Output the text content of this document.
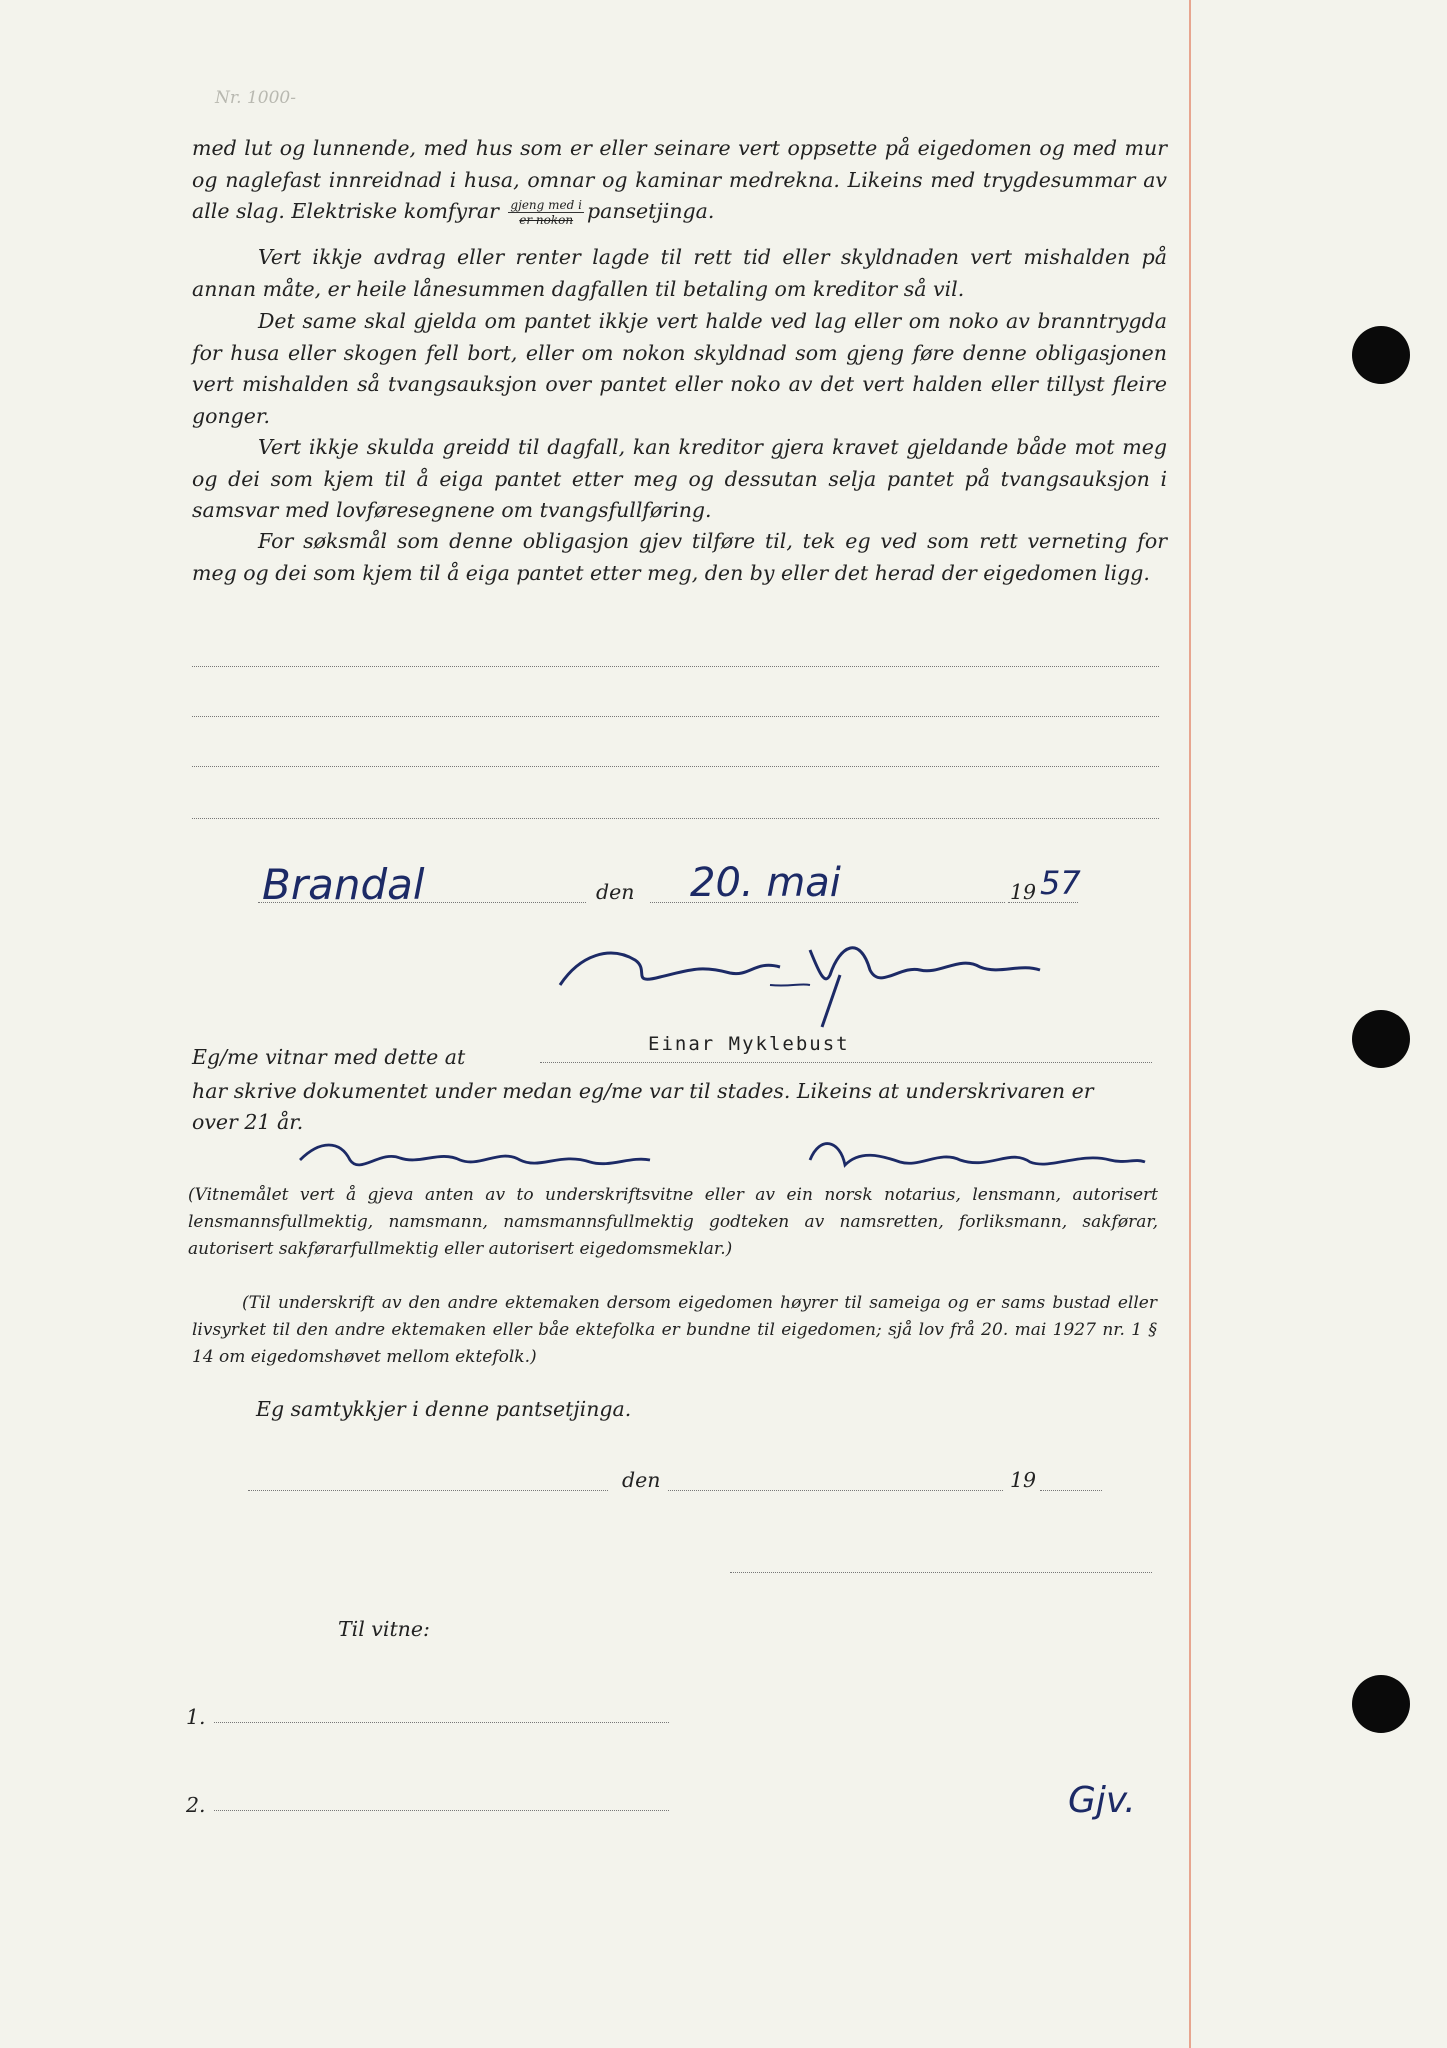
Nr. 1000-
med lut og lunnende, med hus som er eller seinare vert oppsette på eigedomen og med mur og naglefast innreidnad i husa, omnar og kaminar medrekna. Likeins med trygdesummar av alle slag. Elektriske komfyrar $\frac{\text{gjeng med i}}{\text{er nokon}}$ pansetjinga.
Vert ikkje avdrag eller renter lagde til rett tid eller skyldnaden vert mishalden på annan måte, er heile lånesummen dagfallen til betaling om kreditor så vil.
Det same skal gjelda om pantet ikkje vert halde ved lag eller om noko av branntrygda for husa eller skogen fell bort, eller om nokon skyldnad som gjeng føre denne obligasjonen vert mishalden så tvangsauksjon over pantet eller noko av det vert halden eller tillyst fleire gonger.
Vert ikkje skulda greidd til dagfall, kan kreditor gjera kravet gjeldande både mot meg og dei som kjem til å eiga pantet etter meg og dessutan selja pantet på tvangsauksjon i samsvar med lovføresegnene om tvangsfullføring.
For søksmål som denne obligasjon gjev tilføre til, tek eg ved som rett verneting for meg og dei som kjem til å eiga pantet etter meg, den by eller det herad der eigedomen ligg.
Brandal	den 20. mai	19 57
Eg/me vitnar med dette at
Einar Myklebust
har skrive dokumentet under medan eg/me var til stades. Likeins at underskrivaren er
over 21 år.
(Vitnemålet vert å gjeva anten av to underskriftsvitne eller av ein norsk notarius, lensmann, autorisert lensmannsfullmektig, namsmann, namsmannsfullmektig godteken av namsretten, forliksmann, sakførar, autorisert sakførarfullmektig eller autorisert eigedomsmeklar.)
(Til underskrift av den andre ektemaken dersom eigedomen høyrer til sameiga og er sams bustad eller livsyrket til den andre ektemaken eller båe ektefolka er bundne til eigedomen; sjå lov frå 20. mai 1927 nr. 1 § 14 om eigedomshøvet mellom ektefolk.)
Eg samtykkjer i denne pantsetjinga.
den	19
Til vitne:
1.
2.	Gjv.
